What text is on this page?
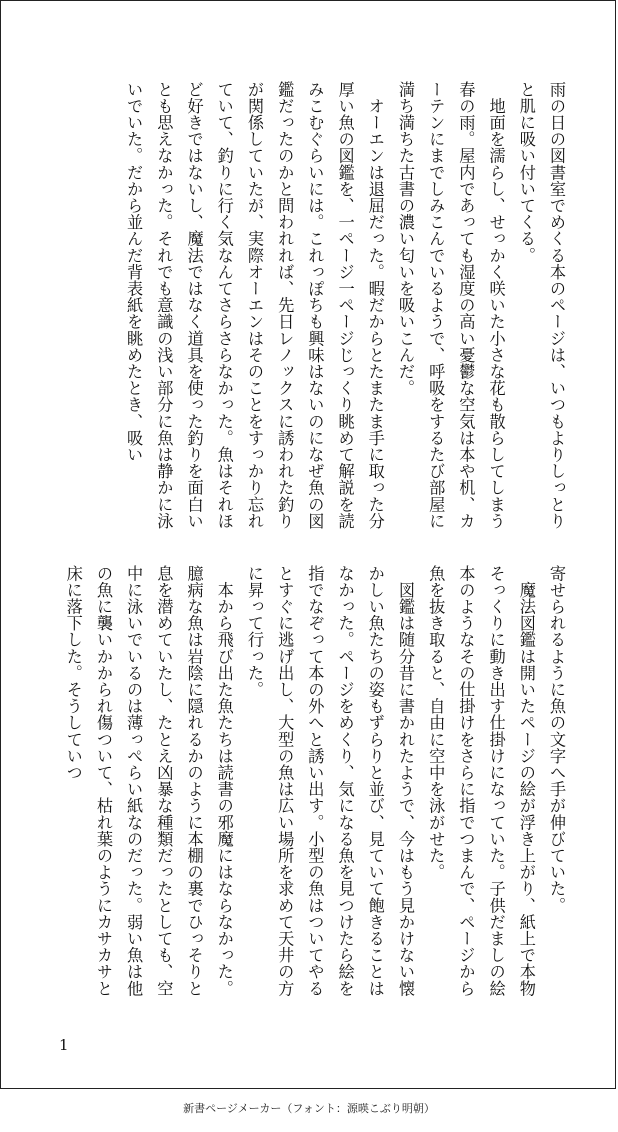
雨の日の図書室でめくる本のページは、いつもよりしっとりと肌に吸い付いてくる。

　地面を濡らし、せっかく咲いた小さな花も散らしてしまう春の雨。屋内であっても湿度の高い憂鬱な空気は本や机、カーテンにまでしみこんでいるようで、呼吸をするたび部屋に満ち満ちた古書の濃い匂いを吸いこんだ。

　オーエンは退屈だった。暇だからとたまたま手に取った分厚い魚の図鑑を、一ページ一ページじっくり眺めて解説を読みこむぐらいには。これっぽちも興味はないのになぜ魚の図鑑だったのかと問われれば、先日レノックスに誘われた釣りが関係していたが、実際オーエンはそのことをすっかり忘れていて、釣りに行く気なんてさらさらなかった。魚はそれほど好きではないし、魔法ではなく道具を使った釣りを面白いとも思えなかった。それでも意識の浅い部分に魚は静かに泳いでいた。だから並んだ背表紙を眺めたとき、吸い

寄せられるように魚の文字へ手が伸びていた。

　魔法図鑑は開いたページの絵が浮き上がり、紙上で本物そっくりに動き出す仕掛けになっていた。子供だましの絵本のようなその仕掛けをさらに指でつまんで、ページから魚を抜き取ると、自由に空中を泳がせた。

　図鑑は随分昔に書かれたようで、今はもう見かけない懐かしい魚たちの姿もずらりと並び、見ていて飽きることはなかった。ページをめくり、気になる魚を見つけたら絵を指でなぞって本の外へと誘い出す。小型の魚はついてやるとすぐに逃げ出し、大型の魚は広い場所を求めて天井の方に昇って行った。

　本から飛び出た魚たちは読書の邪魔にはならなかった。臆病な魚は岩陰に隠れるかのように本棚の裏でひっそりと息を潜めていたし、たとえ凶暴な種類だったとしても、空中に泳いでいるのは薄っぺらい紙なのだった。弱い魚は他の魚に襲いかかられ傷ついて、枯れ葉のようにカサカサと床に落下した。そうしていつ

1
新書ページメーカー（フォント：源暎こぶり明朝）
